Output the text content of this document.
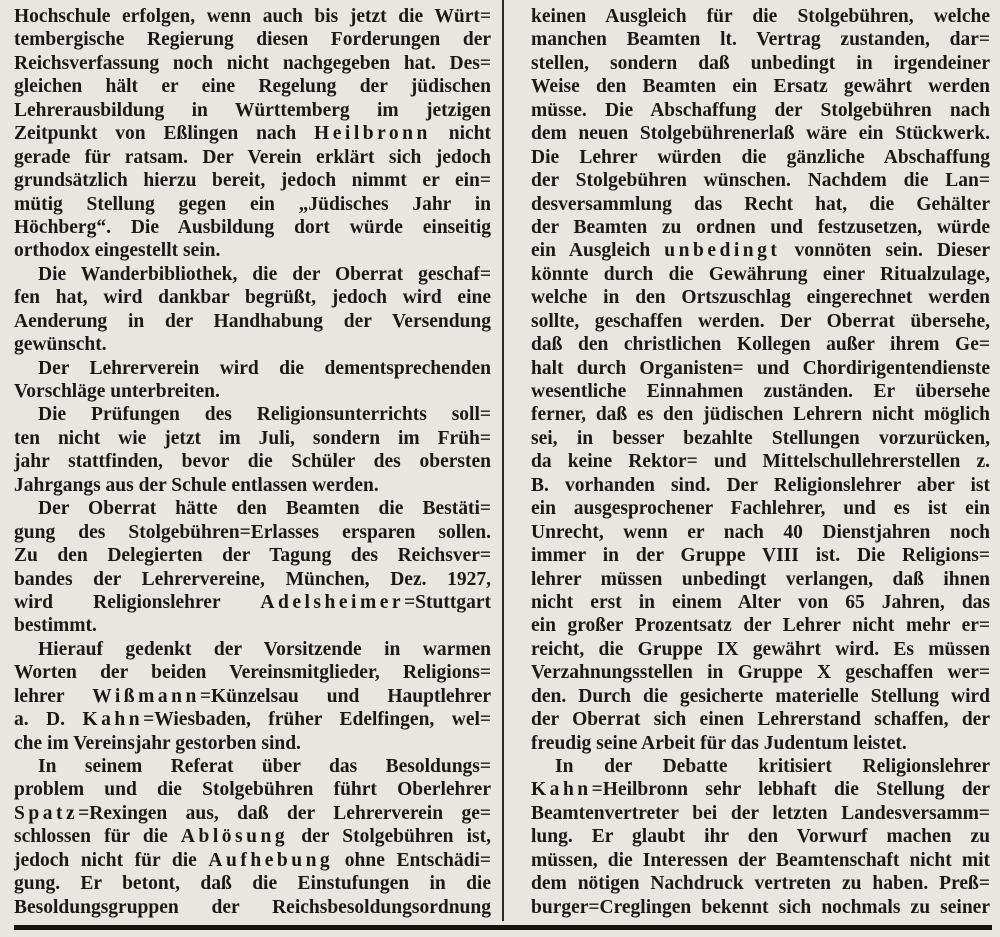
Hochschule erfolgen, wenn auch bis jetzt die Würt=
tembergische Regierung diesen Forderungen der
Reichsverfassung noch nicht nachgegeben hat. Des=
gleichen hält er eine Regelung der jüdischen
Lehrerausbildung in Württemberg im jetzigen
Zeitpunkt von Eßlingen nach Heilbronn nicht
gerade für ratsam. Der Verein erklärt sich jedoch
grundsätzlich hierzu bereit, jedoch nimmt er ein=
mütig Stellung gegen ein „Jüdisches Jahr in
Höchberg“. Die Ausbildung dort würde einseitig
orthodox eingestellt sein.
Die Wanderbibliothek, die der Oberrat geschaf=
fen hat, wird dankbar begrüßt, jedoch wird eine
Aenderung in der Handhabung der Versendung
gewünscht.
Der Lehrerverein wird die dementsprechenden
Vorschläge unterbreiten.
Die Prüfungen des Religionsunterrichts soll=
ten nicht wie jetzt im Juli, sondern im Früh=
jahr stattfinden, bevor die Schüler des obersten
Jahrgangs aus der Schule entlassen werden.
Der Oberrat hätte den Beamten die Bestäti=
gung des Stolgebühren=Erlasses ersparen sollen.
Zu den Delegierten der Tagung des Reichsver=
bandes der Lehrervereine, München, Dez. 1927,
wird Religionslehrer Adelsheimer=Stuttgart
bestimmt.
Hierauf gedenkt der Vorsitzende in warmen
Worten der beiden Vereinsmitglieder, Religions=
lehrer Wißmann=Künzelsau und Hauptlehrer
a. D. Kahn=Wiesbaden, früher Edelfingen, wel=
che im Vereinsjahr gestorben sind.
In seinem Referat über das Besoldungs=
problem und die Stolgebühren führt Oberlehrer
Spatz=Rexingen aus, daß der Lehrerverein ge=
schlossen für die Ablösung der Stolgebühren ist,
jedoch nicht für die Aufhebung ohne Entschädi=
gung. Er betont, daß die Einstufungen in die
Besoldungsgruppen der Reichsbesoldungsordnung
keinen Ausgleich für die Stolgebühren, welche
manchen Beamten lt. Vertrag zustanden, dar=
stellen, sondern daß unbedingt in irgendeiner
Weise den Beamten ein Ersatz gewährt werden
müsse. Die Abschaffung der Stolgebühren nach
dem neuen Stolgebührenerlaß wäre ein Stückwerk.
Die Lehrer würden die gänzliche Abschaffung
der Stolgebühren wünschen. Nachdem die Lan=
desversammlung das Recht hat, die Gehälter
der Beamten zu ordnen und festzusetzen, würde
ein Ausgleich unbedingt vonnöten sein. Dieser
könnte durch die Gewährung einer Ritualzulage,
welche in den Ortszuschlag eingerechnet werden
sollte, geschaffen werden. Der Oberrat übersehe,
daß den christlichen Kollegen außer ihrem Ge=
halt durch Organisten= und Chordirigentendienste
wesentliche Einnahmen zuständen. Er übersehe
ferner, daß es den jüdischen Lehrern nicht möglich
sei, in besser bezahlte Stellungen vorzurücken,
da keine Rektor= und Mittelschullehrerstellen z.
B. vorhanden sind. Der Religionslehrer aber ist
ein ausgesprochener Fachlehrer, und es ist ein
Unrecht, wenn er nach 40 Dienstjahren noch
immer in der Gruppe VIII ist. Die Religions=
lehrer müssen unbedingt verlangen, daß ihnen
nicht erst in einem Alter von 65 Jahren, das
ein großer Prozentsatz der Lehrer nicht mehr er=
reicht, die Gruppe IX gewährt wird. Es müssen
Verzahnungsstellen in Gruppe X geschaffen wer=
den. Durch die gesicherte materielle Stellung wird
der Oberrat sich einen Lehrerstand schaffen, der
freudig seine Arbeit für das Judentum leistet.
In der Debatte kritisiert Religionslehrer
Kahn=Heilbronn sehr lebhaft die Stellung der
Beamtenvertreter bei der letzten Landesversamm=
lung. Er glaubt ihr den Vorwurf machen zu
müssen, die Interessen der Beamtenschaft nicht mit
dem nötigen Nachdruck vertreten zu haben. Preß=
burger=Creglingen bekennt sich nochmals zu seiner
